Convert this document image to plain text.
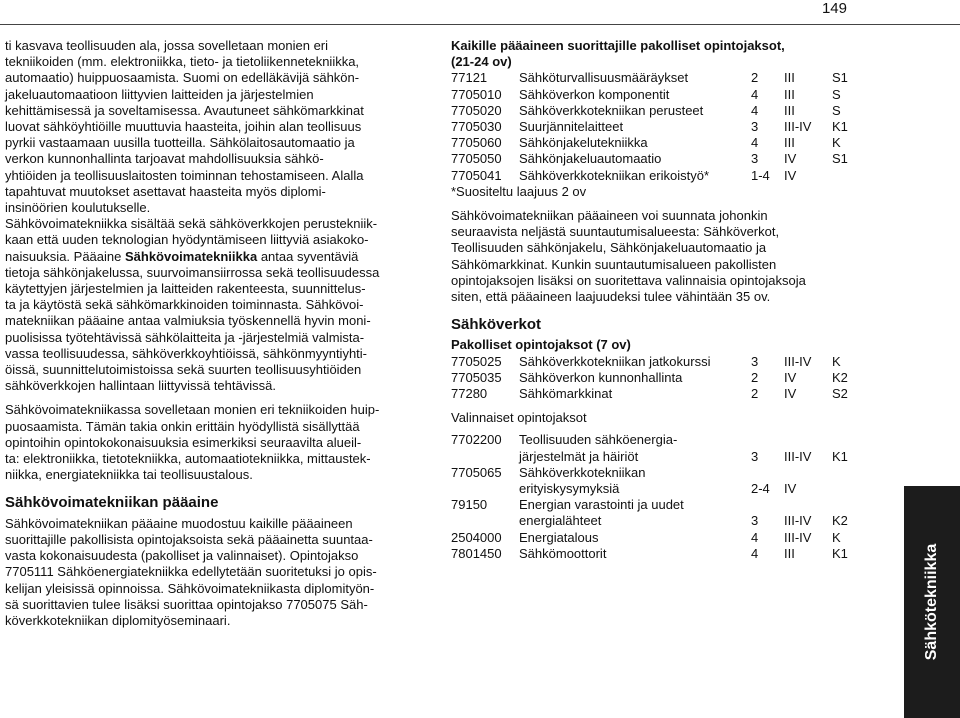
149

ti kasvava teollisuuden ala, jossa sovelletaan monien eri

tekniikoiden (mm. elektroniikka, tieto- ja tietoliikennetekniikka,

automaatio) huippuosaamista. Suomi on edelläkävijä sähkön-

jakeluautomaatioon liittyvien laitteiden ja järjestelmien

kehittämisessä ja soveltamisessa. Avautuneet sähkömarkkinat

luovat sähköyhtiöille muuttuvia haasteita, joihin alan teollisuus

pyrkii vastaamaan uusilla tuotteilla. Sähkölaitosautomaatio ja

verkon kunnonhallinta tarjoavat mahdollisuuksia sähkö-

yhtiöiden ja teollisuuslaitosten toiminnan tehostamiseen. Alalla

tapahtuvat muutokset asettavat haasteita myös diplomi-

insinöörien koulutukselle.

Sähkövoimatekniikka sisältää sekä sähköverkkojen perustekniik-

kaan että uuden teknologian hyödyntämiseen liittyviä asiakoko-

naisuuksia. Pääaine Sähkövoimatekniikka antaa syventäviä

tietoja sähkönjakelussa, suurvoimansiirrossa sekä teollisuudessa

käytettyjen järjestelmien ja laitteiden rakenteesta, suunnittelus-

ta ja käytöstä sekä sähkömarkkinoiden toiminnasta. Sähkövoi-

matekniikan pääaine antaa valmiuksia työskennellä hyvin moni-

puolisissa työtehtävissä sähkölaitteita ja -järjestelmiä valmista-

vassa teollisuudessa, sähköverkkoyhtiöissä, sähkönmyyntiyhti-

öissä, suunnittelutoimistoissa sekä suurten teollisuusyhtiöiden

sähköverkkojen hallintaan liittyvissä tehtävissä.

Sähkövoimatekniikassa sovelletaan monien eri tekniikoiden huip-

puosaamista. Tämän takia onkin erittäin hyödyllistä sisällyttää

opintoihin opintokokonaisuuksia esimerkiksi seuraavilta alueil-

ta: elektroniikka, tietotekniikka, automaatiotekniikka, mittaustek-

niikka, energiatekniikka tai teollisuustalous.

Sähkövoimatekniikan pääaine

Sähkövoimatekniikan pääaine muodostuu kaikille pääaineen

suorittajille pakollisista opintojaksoista sekä pääainetta suuntaa-

vasta kokonaisuudesta (pakolliset ja valinnaiset). Opintojakso

7705111 Sähköenergiatekniikka edellytetään suoritetuksi jo opis-

kelijan yleisissä opinnoissa. Sähkövoimatekniikasta diplomityön-

sä suorittavien tulee lisäksi suorittaa opintojakso 7705075 Säh-

köverkkotekniikan diplomityöseminaari.

Kaikille pääaineen suorittajille pakolliset opintojaksot,

(21-24 ov)

77121	Sähköturvallisuusmääräykset	2	III	S1
7705010	Sähköverkon komponentit	4	III	S
7705020	Sähköverkkotekniikan perusteet	4	III	S
7705030	Suurjännitelaitteet	3	III-IV	K1
7705060	Sähkönjakelutekniikka	4	III	K
7705050	Sähkönjakeluautomaatio	3	IV	S1
7705041	Sähköverkkotekniikan erikoistyö*	1-4	IV	

*Suositeltu laajuus 2 ov

Sähkövoimatekniikan pääaineen voi suunnata johonkin

seuraavista neljästä suuntautumisalueesta: Sähköverkot,

Teollisuuden sähkönjakelu, Sähkönjakeluautomaatio ja

Sähkömarkkinat. Kunkin suuntautumisalueen pakollisten

opintojaksojen lisäksi on suoritettava valinnaisia opintojaksoja

siten, että pääaineen laajuudeksi tulee vähintään 35 ov.

Sähköverkot

Pakolliset opintojaksot (7 ov)

7705025	Sähköverkkotekniikan jatkokurssi	3	III-IV	K
7705035	Sähköverkon kunnonhallinta	2	IV	K2
77280	Sähkömarkkinat	2	IV	S2

Valinnaiset opintojaksot

7702200	Teollisuuden sähköenergia-			
	järjestelmät ja häiriöt	3	III-IV	K1
7705065	Sähköverkkotekniikan			
	erityiskysymyksiä	2-4	IV	
79150	Energian varastointi ja uudet			
	energialähteet	3	III-IV	K2
2504000	Energiatalous	4	III-IV	K
7801450	Sähkömoottorit	4	III	K1	Sähkötekniikka
